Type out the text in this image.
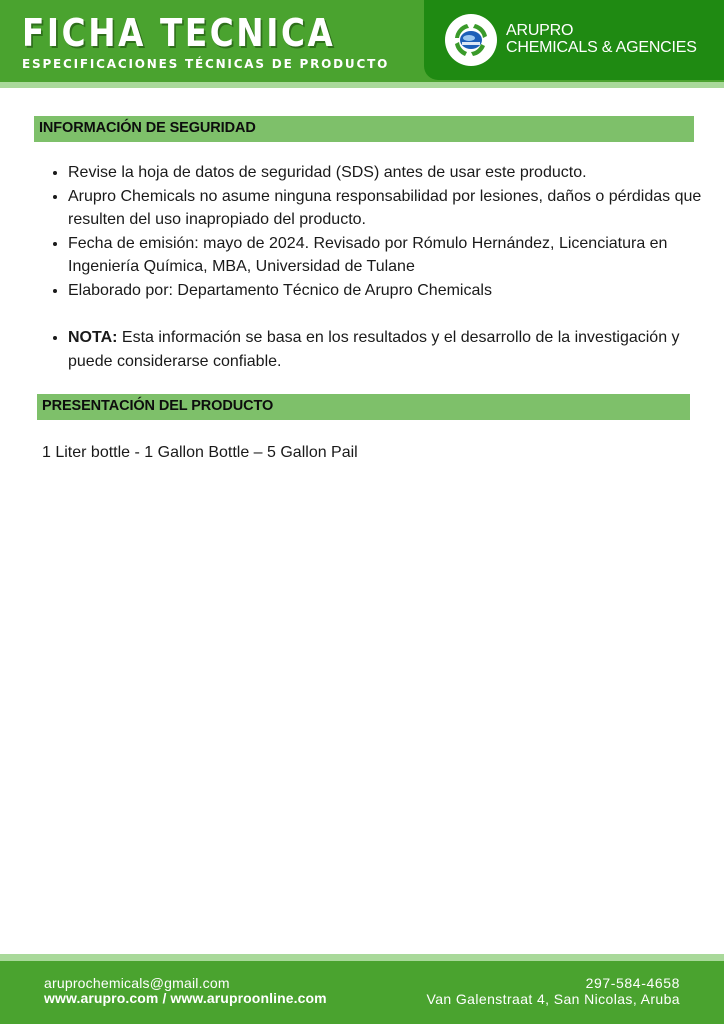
FICHA TECNICA
ESPECIFICACIONES TÉCNICAS DE PRODUCTO
ARUPRO
CHEMICALS & AGENCIES
INFORMACIÓN DE SEGURIDAD
• Revise la hoja de datos de seguridad (SDS) antes de usar este producto.
• Arupro Chemicals no asume ninguna responsabilidad por lesiones, daños o pérdidas que resulten del uso inapropiado del producto.
• Fecha de emisión: mayo de 2024. Revisado por Rómulo Hernández, Licenciatura en Ingeniería Química, MBA, Universidad de Tulane
• Elaborado por: Departamento Técnico de Arupro Chemicals
• NOTA: Esta información se basa en los resultados y el desarrollo de la investigación y puede considerarse confiable.
PRESENTACIÓN DEL PRODUCTO
1 Liter bottle - 1 Gallon Bottle – 5 Gallon Pail
aruprochemicals@gmail.com
www.arupro.com / www.aruproonline.com
297-584-4658
Van Galenstraat 4, San Nicolas, Aruba
